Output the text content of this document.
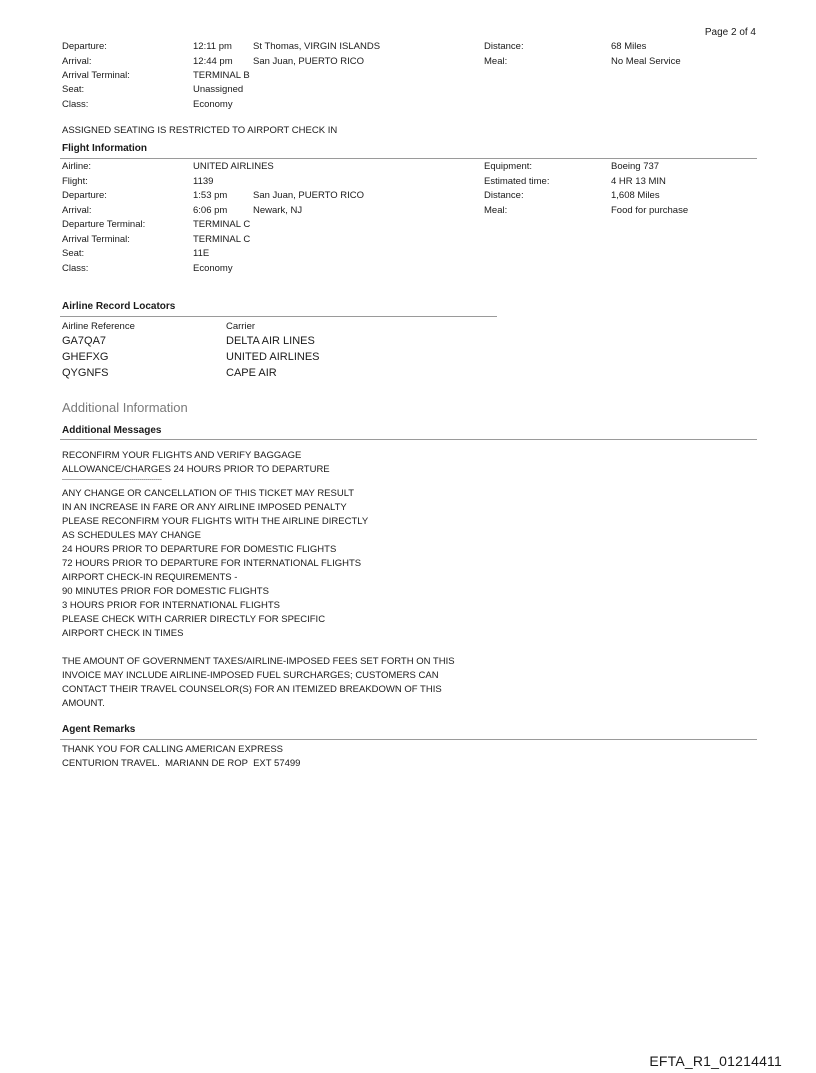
Page 2 of 4
Departure:	12:11 pm St Thomas, VIRGIN ISLANDS	Distance:	68 Miles
Arrival:	12:44 pm San Juan, PUERTO RICO	Meal:	No Meal Service
Arrival Terminal:	TERMINAL B
Seat:	Unassigned
Class:	Economy
ASSIGNED SEATING IS RESTRICTED TO AIRPORT CHECK IN
Flight Information
Airline:	UNITED AIRLINES	Equipment:	Boeing 737
Flight:	1139	Estimated time:	4 HR 13 MIN
Departure:	1:53 pm	San Juan, PUERTO RICO	Distance:	1,608 Miles
Arrival:	6:06 pm	Newark, NJ	Meal:	Food for purchase
Departure Terminal:	TERMINAL C
Arrival Terminal:	TERMINAL C
Seat:	11E
Class:	Economy
Airline Record Locators
Airline Reference	Carrier
GA7QA7	DELTA AIR LINES
GHEFXG	UNITED AIRLINES
QYGNFS	CAPE AIR
Additional Information
Additional Messages
RECONFIRM YOUR FLIGHTS AND VERIFY BAGGAGE
ALLOWANCE/CHARGES 24 HOURS PRIOR TO DEPARTURE
--------------------------------------------------
ANY CHANGE OR CANCELLATION OF THIS TICKET MAY RESULT
IN AN INCREASE IN FARE OR ANY AIRLINE IMPOSED PENALTY
PLEASE RECONFIRM YOUR FLIGHTS WITH THE AIRLINE DIRECTLY
AS SCHEDULES MAY CHANGE
24 HOURS PRIOR TO DEPARTURE FOR DOMESTIC FLIGHTS
72 HOURS PRIOR TO DEPARTURE FOR INTERNATIONAL FLIGHTS
AIRPORT CHECK-IN REQUIREMENTS -
90 MINUTES PRIOR FOR DOMESTIC FLIGHTS
3 HOURS PRIOR FOR INTERNATIONAL FLIGHTS
PLEASE CHECK WITH CARRIER DIRECTLY FOR SPECIFIC
AIRPORT CHECK IN TIMES
THE AMOUNT OF GOVERNMENT TAXES/AIRLINE-IMPOSED FEES SET FORTH ON THIS
INVOICE MAY INCLUDE AIRLINE-IMPOSED FUEL SURCHARGES; CUSTOMERS CAN
CONTACT THEIR TRAVEL COUNSELOR(S) FOR AN ITEMIZED BREAKDOWN OF THIS
AMOUNT.
Agent Remarks
THANK YOU FOR CALLING AMERICAN EXPRESS
CENTURION TRAVEL.  MARIANN DE ROP  EXT 57499
EFTA_R1_01214411
